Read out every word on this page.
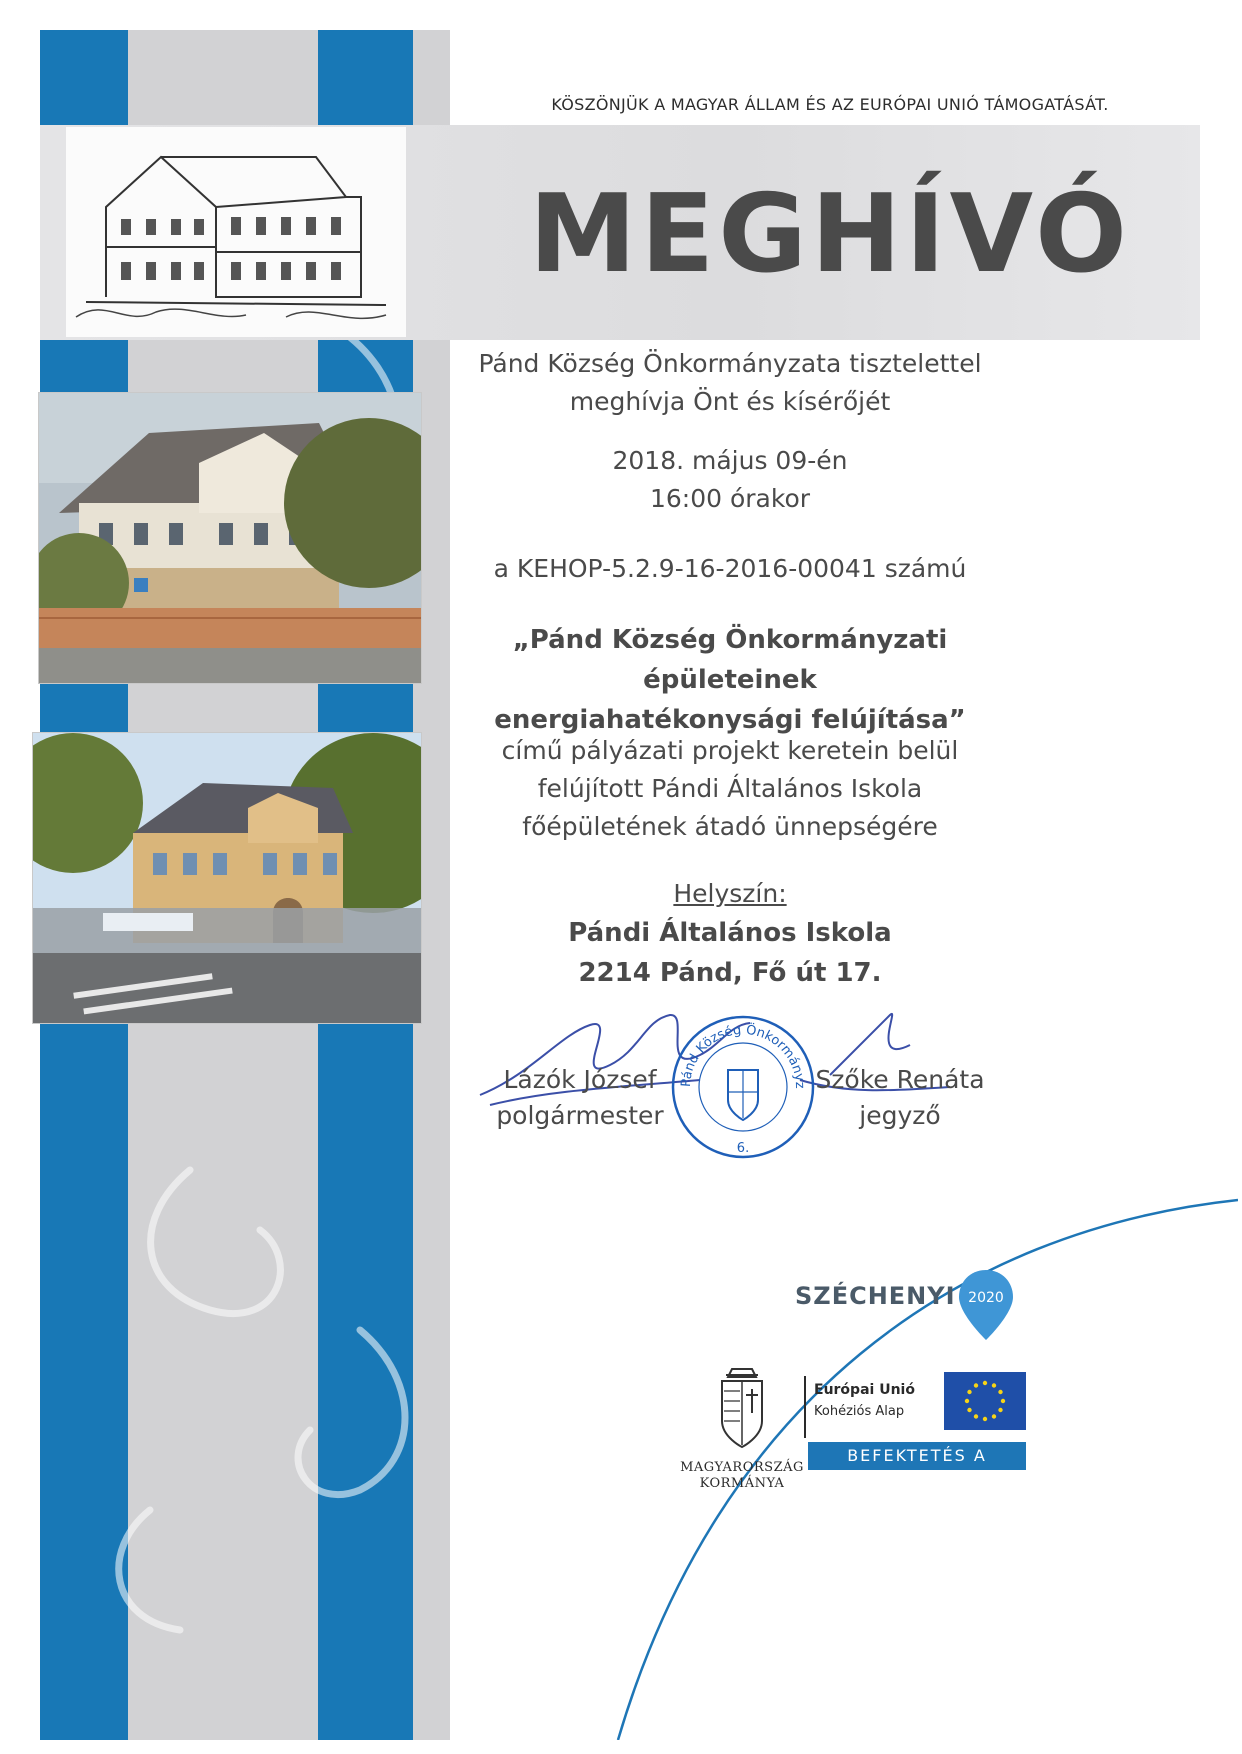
KÖSZÖNJÜK A MAGYAR ÁLLAM ÉS AZ EURÓPAI UNIÓ TÁMOGATÁSÁT.
MEGHÍVÓ
Pánd Község Önkormányzata tisztelettel
meghívja Önt és kísérőjét
2018. május 09-én
16:00 órakor
a KEHOP-5.2.9-16-2016-00041 számú
„Pánd Község Önkormányzati épületeinek
energiahatékonysági felújítása”
című pályázati projekt keretein belül
felújított Pándi Általános Iskola
főépületének átadó ünnepségére
Helyszín:
Pándi Általános Iskola
2214 Pánd, Fő út 17.
Lázók József	Szőke Renáta
jegyző
polgármester
Pánd Község Önkormányz
6.
SZÉCHENYI 2020
MAGYARORSZÁG
KORMÁNYA
Európai Unió
Kohéziós Alap
BEFEKTETÉS A JÖVŐBE
